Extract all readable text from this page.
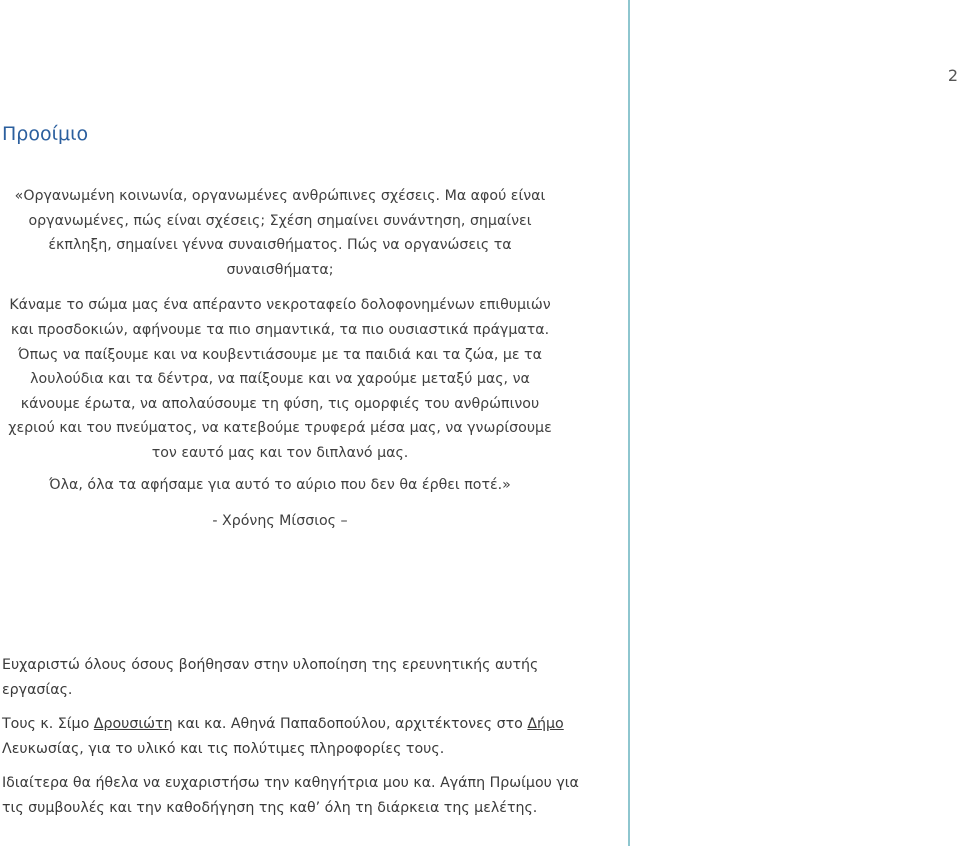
2
Προοίμιο

«Οργανωμένη κοινωνία, οργανωμένες ανθρώπινες σχέσεις. Μα αφού είναι οργανωμένες, πώς είναι σχέσεις; Σχέση σημαίνει συνάντηση, σημαίνει έκπληξη, σημαίνει γέννα συναισθήματος. Πώς να οργανώσεις τα συναισθήματα;

Κάναμε το σώμα μας ένα απέραντο νεκροταφείο δολοφονημένων επιθυμιών και προσδοκιών, αφήνουμε τα πιο σημαντικά, τα πιο ουσιαστικά πράγματα.

Όπως να παίξουμε και να κουβεντιάσουμε με τα παιδιά και τα ζώα, με τα λουλούδια και τα δέντρα, να παίξουμε και να χαρούμε μεταξύ μας, να κάνουμε έρωτα, να απολαύσουμε τη φύση, τις ομορφιές του ανθρώπινου χεριού και του πνεύματος, να κατεβούμε τρυφερά μέσα μας, να γνωρίσουμε τον εαυτό μας και τον διπλανό μας.

Όλα, όλα τα αφήσαμε για αυτό το αύριο που δεν θα έρθει ποτέ.»

- Χρόνης Μίσσιος –

Ευχαριστώ όλους όσους βοήθησαν στην υλοποίηση της ερευνητικής αυτής εργασίας.

Τους κ. Σίμο Δρουσιώτη και κα. Αθηνά Παπαδοπούλου, αρχιτέκτονες στο Δήμο Λευκωσίας, για το υλικό και τις πολύτιμες πληροφορίες τους.

Ιδιαίτερα θα ήθελα να ευχαριστήσω την καθηγήτρια μου κα. Αγάπη Πρωίμου για τις συμβουλές και την καθοδήγηση της καθ’ όλη τη διάρκεια της μελέτης.
